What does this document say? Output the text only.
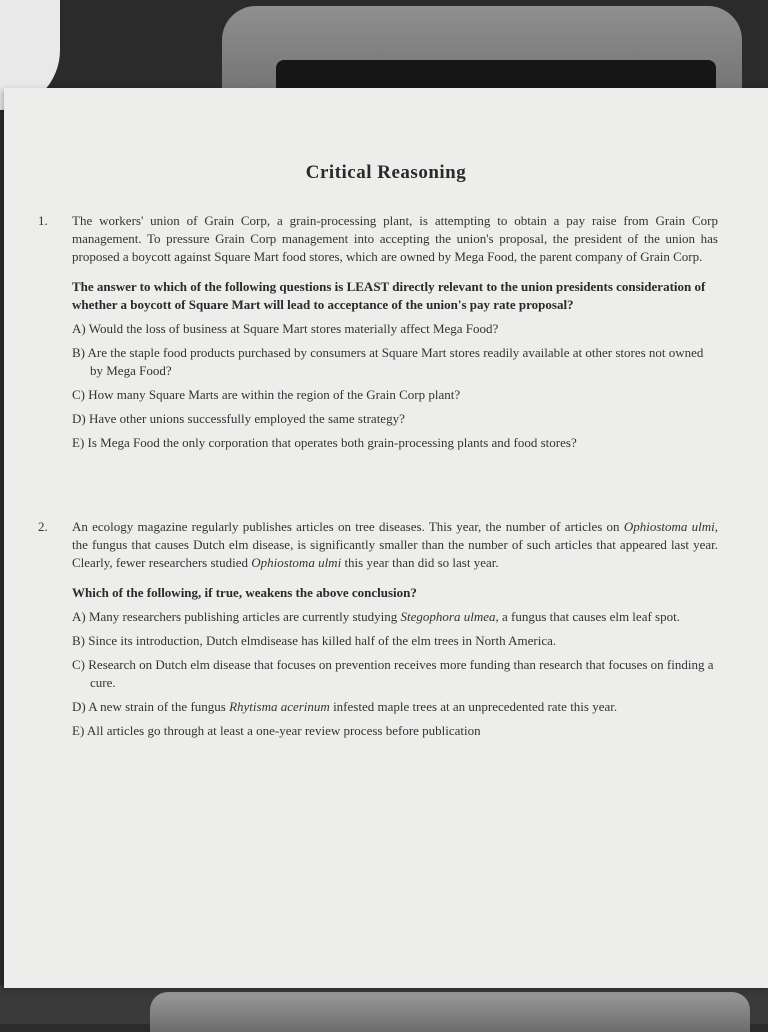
Critical Reasoning
1. The workers' union of Grain Corp, a grain-processing plant, is attempting to obtain a pay raise from Grain Corp management. To pressure Grain Corp management into accepting the union's proposal, the president of the union has proposed a boycott against Square Mart food stores, which are owned by Mega Food, the parent company of Grain Corp.

The answer to which of the following questions is LEAST directly relevant to the union presidents consideration of whether a boycott of Square Mart will lead to acceptance of the union's pay rate proposal?

A) Would the loss of business at Square Mart stores materially affect Mega Food?

B) Are the staple food products purchased by consumers at Square Mart stores readily available at other stores not owned by Mega Food?

C) How many Square Marts are within the region of the Grain Corp plant?

D) Have other unions successfully employed the same strategy?

E) Is Mega Food the only corporation that operates both grain-processing plants and food stores?

2. An ecology magazine regularly publishes articles on tree diseases. This year, the number of articles on Ophiostoma ulmi, the fungus that causes Dutch elm disease, is significantly smaller than the number of such articles that appeared last year. Clearly, fewer researchers studied Ophiostoma ulmi this year than did so last year.

Which of the following, if true, weakens the above conclusion?

A) Many researchers publishing articles are currently studying Stegophora ulmea, a fungus that causes elm leaf spot.

B) Since its introduction, Dutch elmdisease has killed half of the elm trees in North America.

C) Research on Dutch elm disease that focuses on prevention receives more funding than research that focuses on finding a cure.

D) A new strain of the fungus Rhytisma acerinum infested maple trees at an unprecedented rate this year.

E) All articles go through at least a one-year review process before publication
